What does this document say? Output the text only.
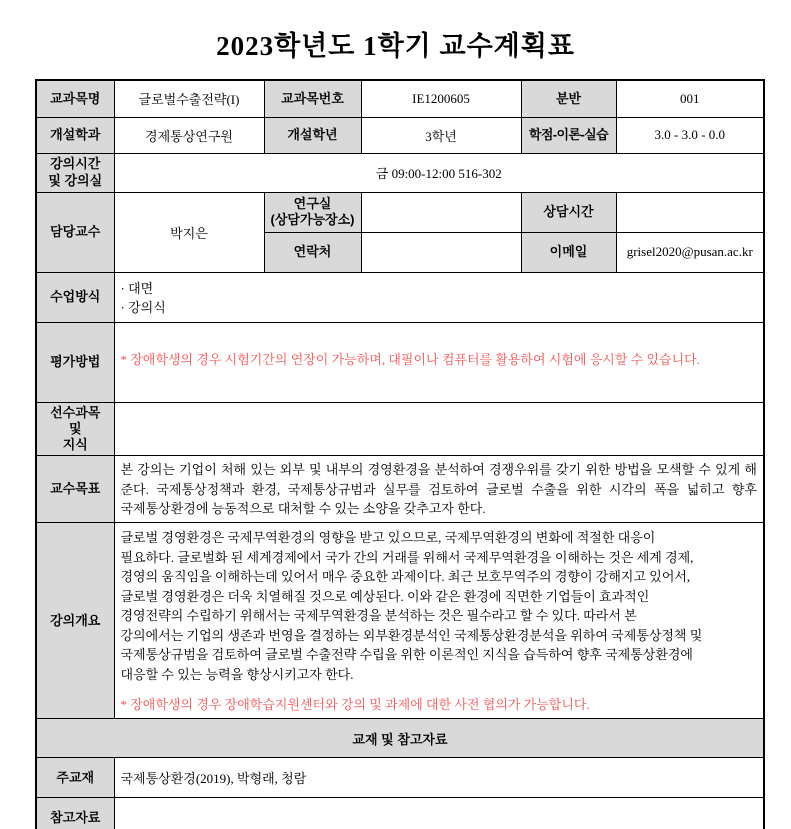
2023학년도 1학기 교수계획표
교과목명	글로벌수출전략(I)	교과목번호	IE1200605	분반	001
개설학과	경제통상연구원	개설학년	3학년	학점-이론-실습	3.0 - 3.0 - 0.0
강의시간
및 강의실	금 09:00-12:00 516-302				
담당교수	박지은	연구실
(상담가능장소)		상담시간	
		연락처		이메일	grisel2020@pusan.ac.kr
수업방식	· 대면
· 강의식				
평가방법	* 장애학생의 경우 시험기간의 연장이 가능하며, 대필이나 컴퓨터를 활용하여 시험에 응시할 수 있습니다.				

선수과목 및
지식					
교수목표	본 강의는 기업이 처해 있는 외부 및 내부의 경영환경을 분석하여 경쟁우위를 갖기 위한 방법을 모색할 수 있게 해 준다. 국제통상정책과 환경, 국제통상규범과 실무를 검토하여 글로벌 수출을 위한 시각의 폭을 넓히고 향후 국제통상환경에 능동적으로 대처할 수 있는 소양을 갖추고자 한다.				
강의개요	
글로벌 경영환경은 국제무역환경의 영향을 받고 있으므로, 국제무역환경의 변화에 적절한 대응이
필요하다. 글로벌화 된 세계경제에서 국가 간의 거래를 위해서 국제무역환경을 이해하는 것은 세계 경제,
경영의 움직임을 이해하는데 있어서 매우 중요한 과제이다. 최근 보호무역주의 경향이 강해지고 있어서,
글로벌 경영환경은 더욱 치열해질 것으로 예상된다. 이와 같은 환경에 직면한 기업들이 효과적인
경영전략의 수립하기 위해서는 국제무역환경을 분석하는 것은 필수라고 할 수 있다. 따라서 본
강의에서는 기업의 생존과 번영을 결정하는 외부환경분석인 국제통상환경분석을 위하여 국제통상정책 및
국제통상규범을 검토하여 글로벌 수출전략 수립을 위한 이론적인 지식을 습득하여 향후 국제통상환경에
대응할 수 있는 능력을 향상시키고자 한다.
* 장애학생의 경우 장애학습지원센터와 강의 및 과제에 대한 사전 협의가 가능합니다.

교재 및 참고자료					
주교재	국제통상환경(2019), 박형래, 청람				
참고자료					
